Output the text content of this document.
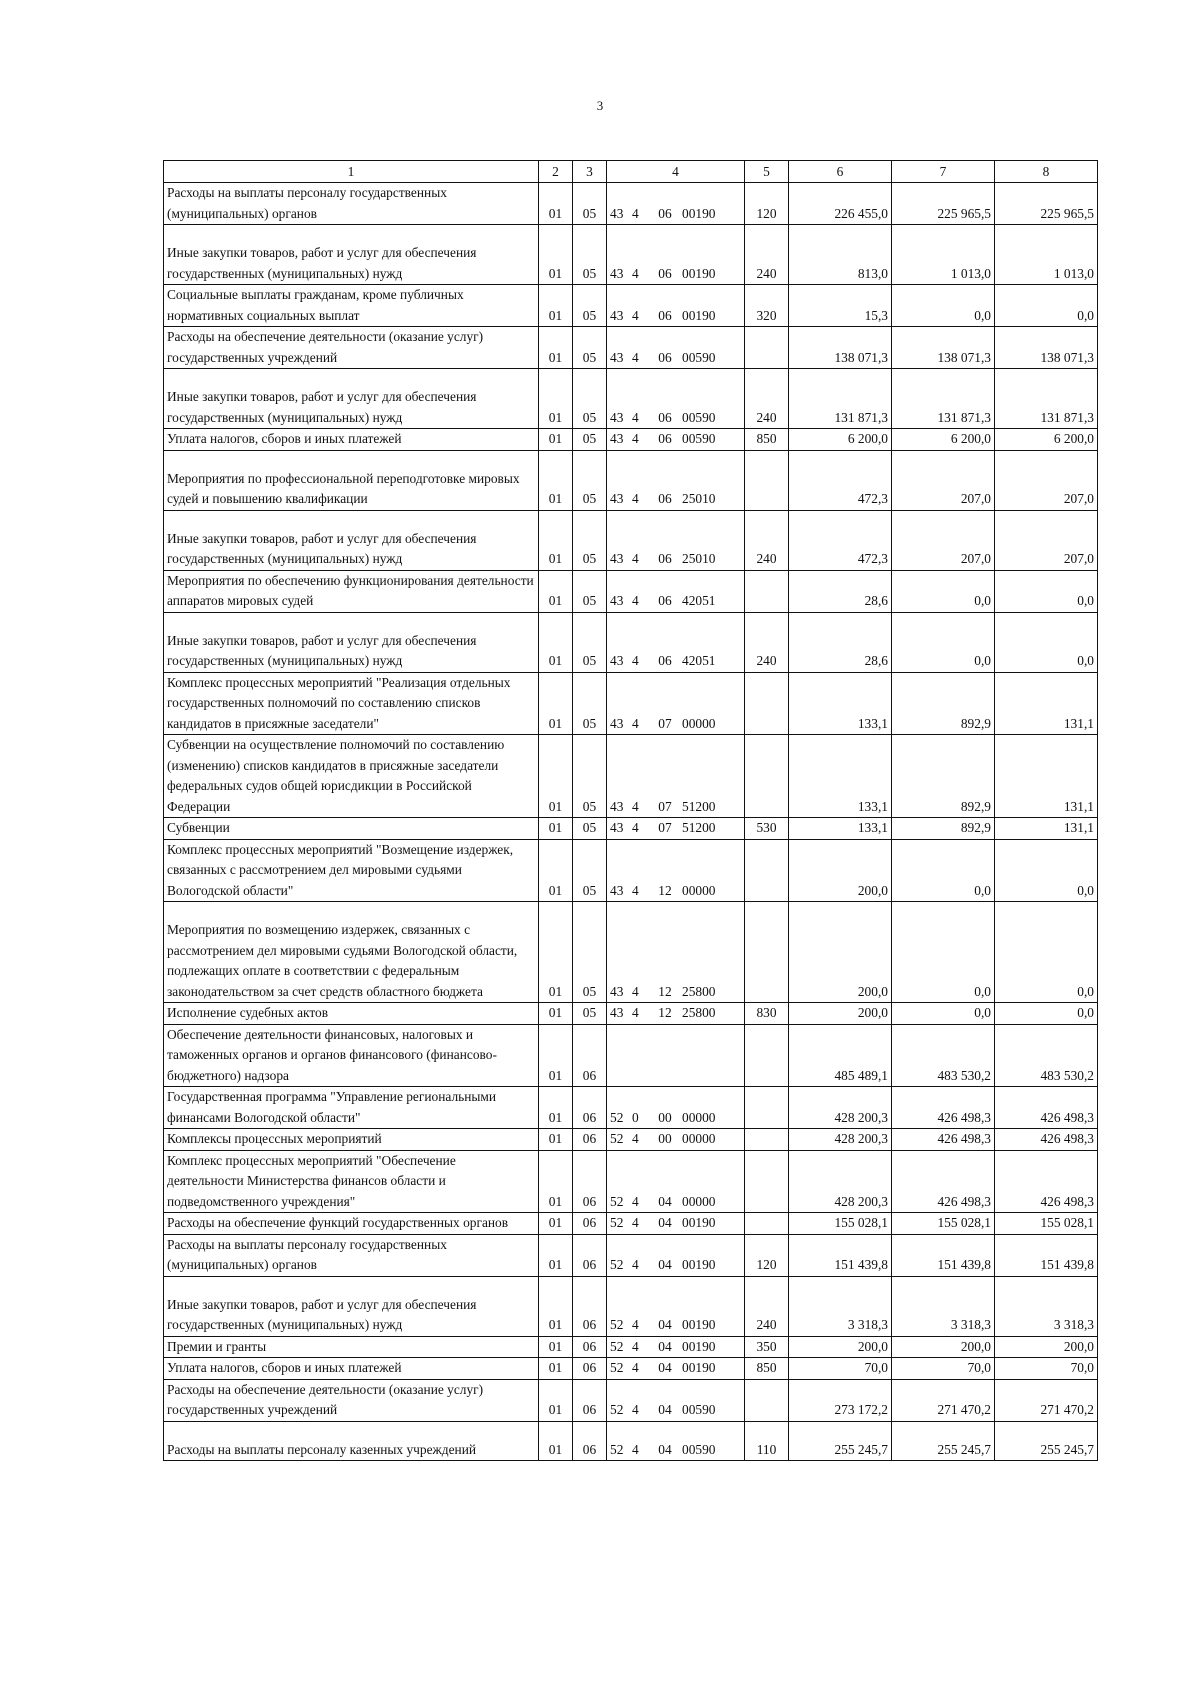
3
1	2	3	4	5	6	7	8
Расходы на выплаты персоналу государственных (муниципальных) органов	01	05	43 4 06 00190	120	226 455,0	225 965,5	225 965,5
Иные закупки товаров, работ и услуг для обеспечения государственных (муниципальных) нужд	01	05	43 4 06 00190	240	813,0	1 013,0	1 013,0
Социальные выплаты гражданам, кроме публичных нормативных социальных выплат	01	05	43 4 06 00190	320	15,3	0,0	0,0
Расходы на обеспечение деятельности (оказание услуг) государственных учреждений	01	05	43 4 06 00590		138 071,3	138 071,3	138 071,3
Иные закупки товаров, работ и услуг для обеспечения государственных (муниципальных) нужд	01	05	43 4 06 00590	240	131 871,3	131 871,3	131 871,3
Уплата налогов, сборов и иных платежей	01	05	43 4 06 00590	850	6 200,0	6 200,0	6 200,0
Мероприятия по профессиональной переподготовке мировых судей и повышению квалификации	01	05	43 4 06 25010		472,3	207,0	207,0
Иные закупки товаров, работ и услуг для обеспечения государственных (муниципальных) нужд	01	05	43 4 06 25010	240	472,3	207,0	207,0
Мероприятия по обеспечению функционирования деятельности аппаратов мировых судей	01	05	43 4 06 42051		28,6	0,0	0,0
Иные закупки товаров, работ и услуг для обеспечения государственных (муниципальных) нужд	01	05	43 4 06 42051	240	28,6	0,0	0,0
Комплекс процессных мероприятий "Реализация отдельных государственных полномочий по составлению списков кандидатов в присяжные заседатели"	01	05	43 4 07 00000		133,1	892,9	131,1
Субвенции на осуществление полномочий по составлению (изменению) списков кандидатов в присяжные заседатели федеральных судов общей юрисдикции в Российской Федерации	01	05	43 4 07 51200		133,1	892,9	131,1
Субвенции	01	05	43 4 07 51200	530	133,1	892,9	131,1
Комплекс процессных мероприятий "Возмещение издержек, связанных с рассмотрением дел мировыми судьями Вологодской области"	01	05	43 4 12 00000		200,0	0,0	0,0
Мероприятия по возмещению издержек, связанных с рассмотрением дел мировыми судьями Вологодской области, подлежащих оплате в соответствии с федеральным законодательством за счет средств областного бюджета	01	05	43 4 12 25800		200,0	0,0	0,0
Исполнение судебных актов	01	05	43 4 12 25800	830	200,0	0,0	0,0
Обеспечение деятельности финансовых, налоговых и таможенных органов и органов финансового (финансово-бюджетного) надзора	01	06			485 489,1	483 530,2	483 530,2
Государственная программа "Управление региональными финансами Вологодской области"	01	06	52 0 00 00000		428 200,3	426 498,3	426 498,3
Комплексы процессных мероприятий	01	06	52 4 00 00000		428 200,3	426 498,3	426 498,3
Комплекс процессных мероприятий "Обеспечение деятельности Министерства финансов области и подведомственного учреждения"	01	06	52 4 04 00000		428 200,3	426 498,3	426 498,3
Расходы на обеспечение функций государственных органов	01	06	52 4 04 00190		155 028,1	155 028,1	155 028,1
Расходы на выплаты персоналу государственных (муниципальных) органов	01	06	52 4 04 00190	120	151 439,8	151 439,8	151 439,8
Иные закупки товаров, работ и услуг для обеспечения государственных (муниципальных) нужд	01	06	52 4 04 00190	240	3 318,3	3 318,3	3 318,3
Премии и гранты	01	06	52 4 04 00190	350	200,0	200,0	200,0
Уплата налогов, сборов и иных платежей	01	06	52 4 04 00190	850	70,0	70,0	70,0
Расходы на обеспечение деятельности (оказание услуг) государственных учреждений	01	06	52 4 04 00590		273 172,2	271 470,2	271 470,2
Расходы на выплаты персоналу казенных учреждений	01	06	52 4 04 00590	110	255 245,7	255 245,7	255 245,7
